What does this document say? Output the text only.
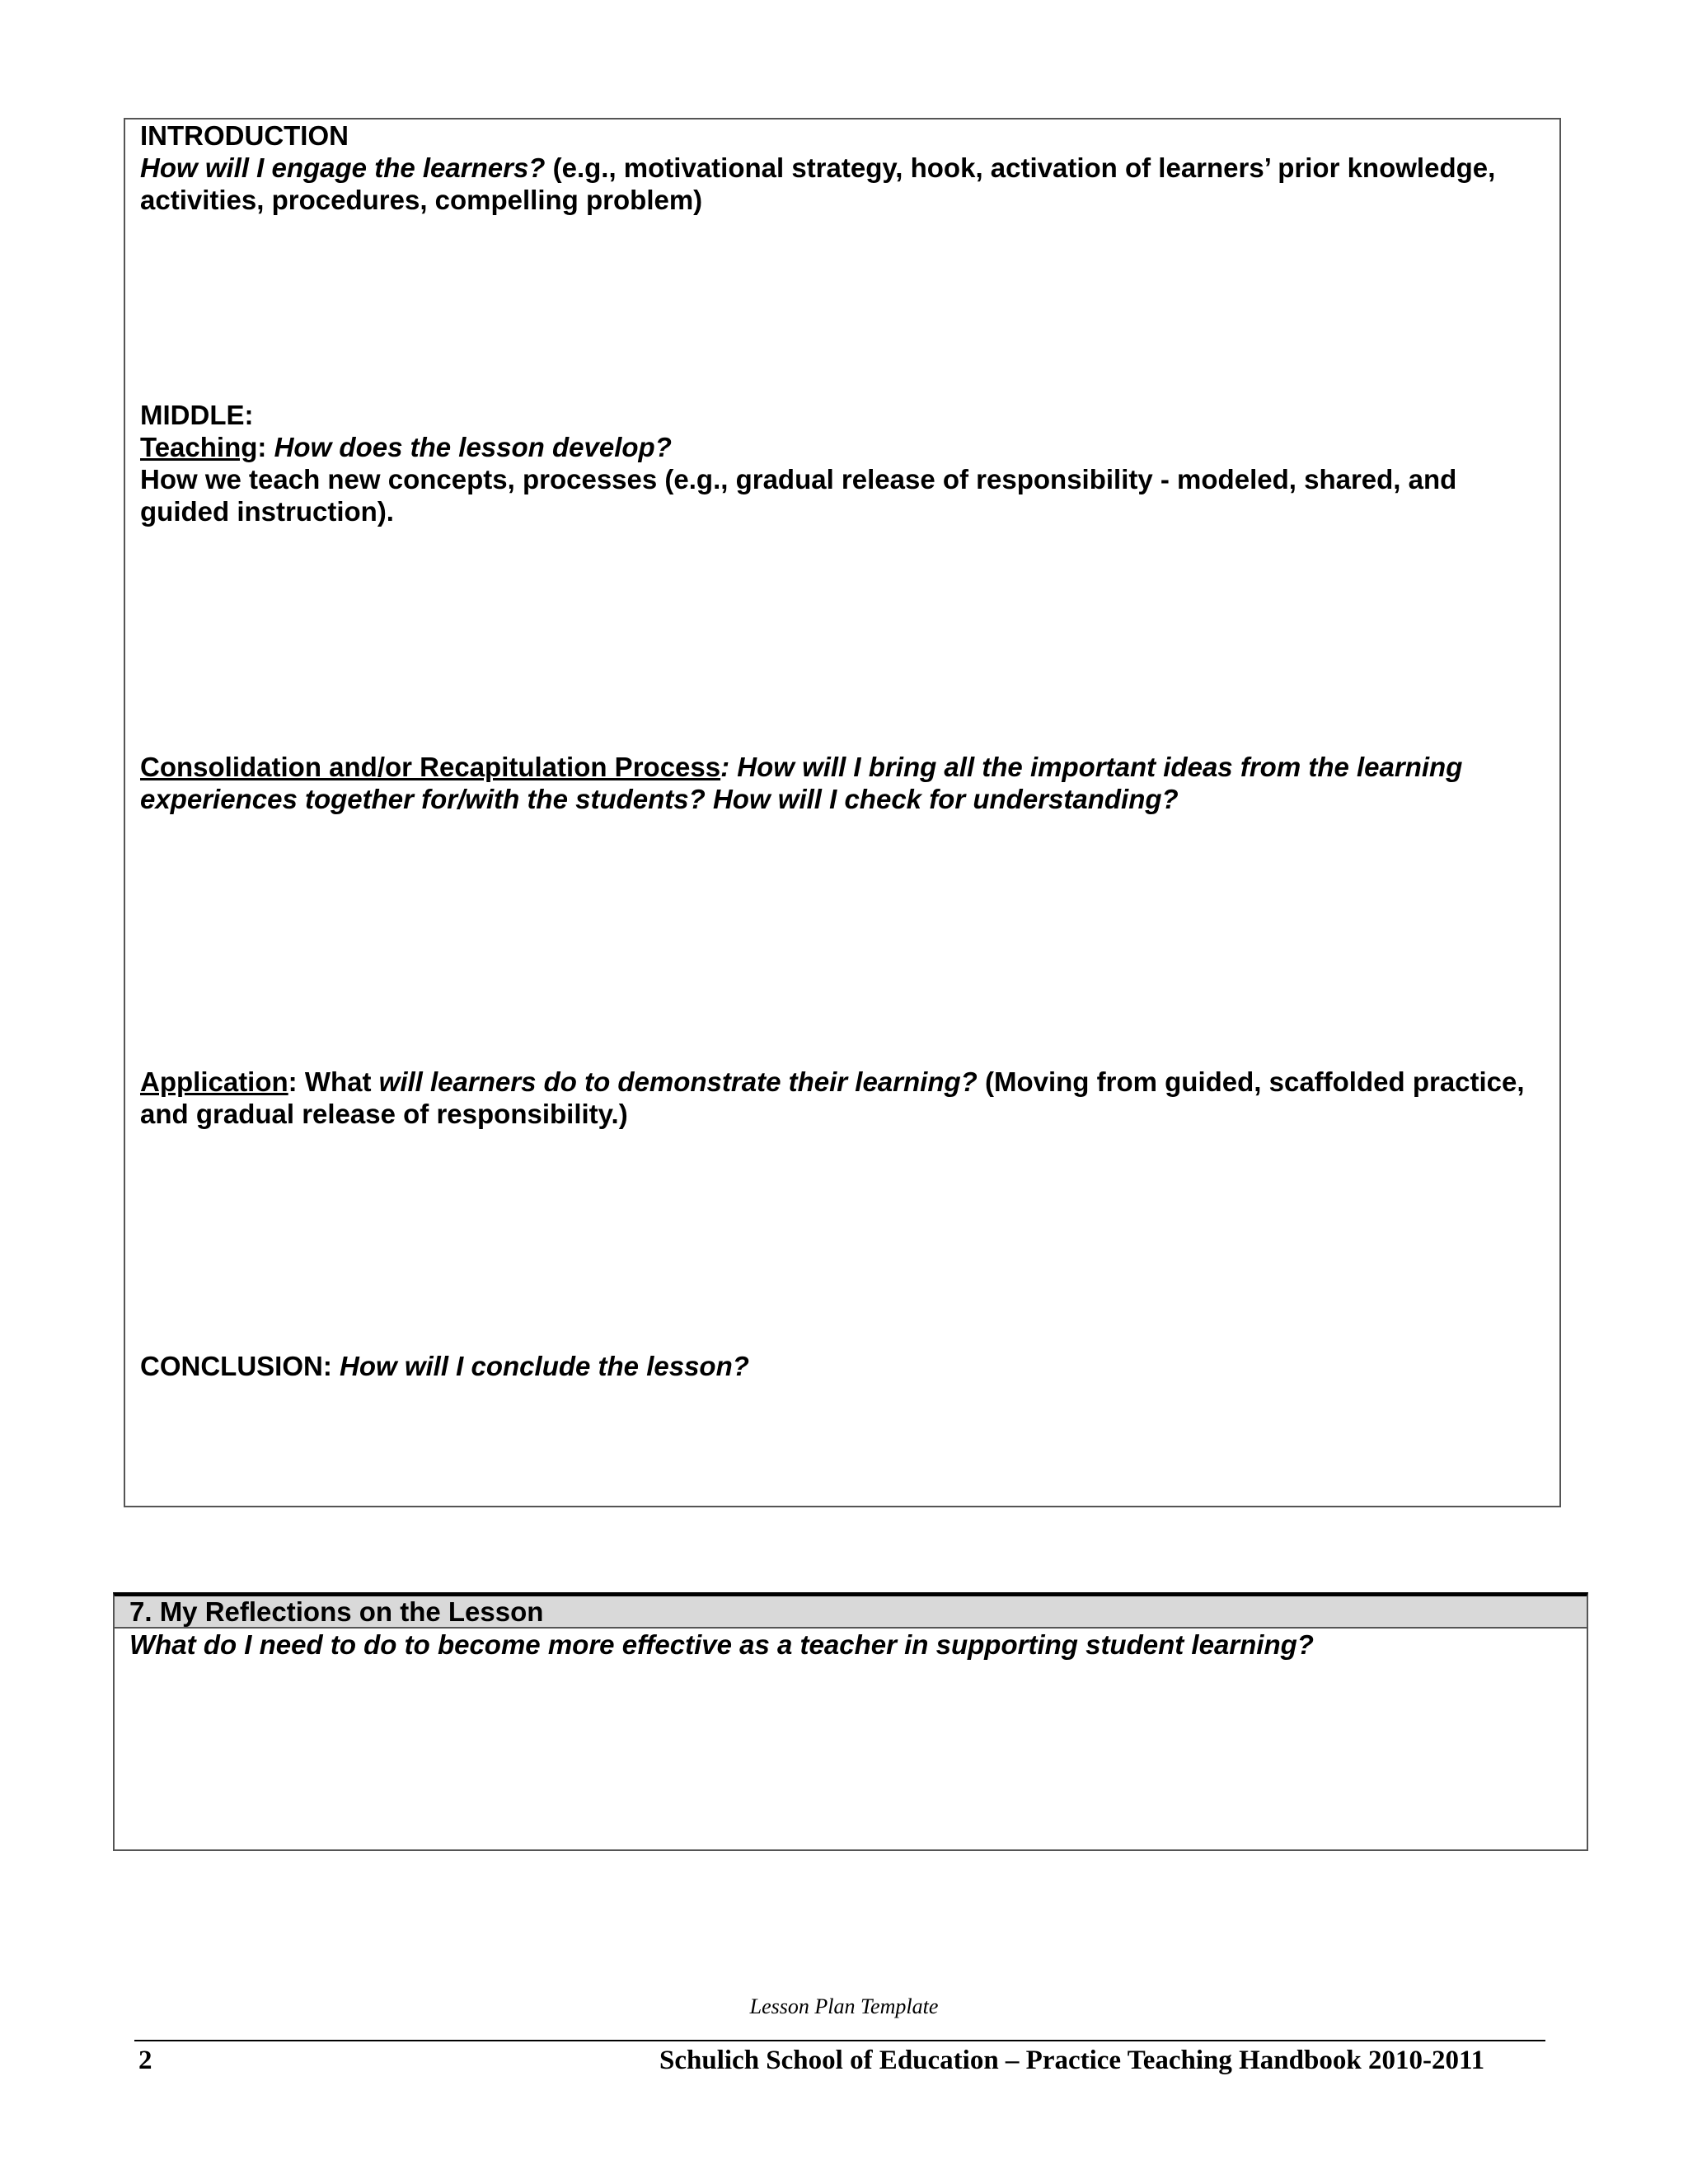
INTRODUCTION

How will I engage the learners? (e.g., motivational strategy, hook, activation of learners’ prior knowledge, activities, procedures, compelling problem)

MIDDLE:

Teaching: How does the lesson develop?

How we teach new concepts, processes (e.g., gradual release of responsibility - modeled, shared, and guided instruction).

Consolidation and/or Recapitulation Process: How will I bring all the important ideas from the learning experiences together for/with the students? How will I check for understanding?

Application: What will learners do to demonstrate their learning? (Moving from guided, scaffolded practice, and gradual release of responsibility.)

CONCLUSION: How will I conclude the lesson?

7. My Reflections on the Lesson
What do I need to do to become more effective as a teacher in supporting student learning?
Lesson Plan Template
2	Schulich School of Education – Practice Teaching Handbook 2010-2011
